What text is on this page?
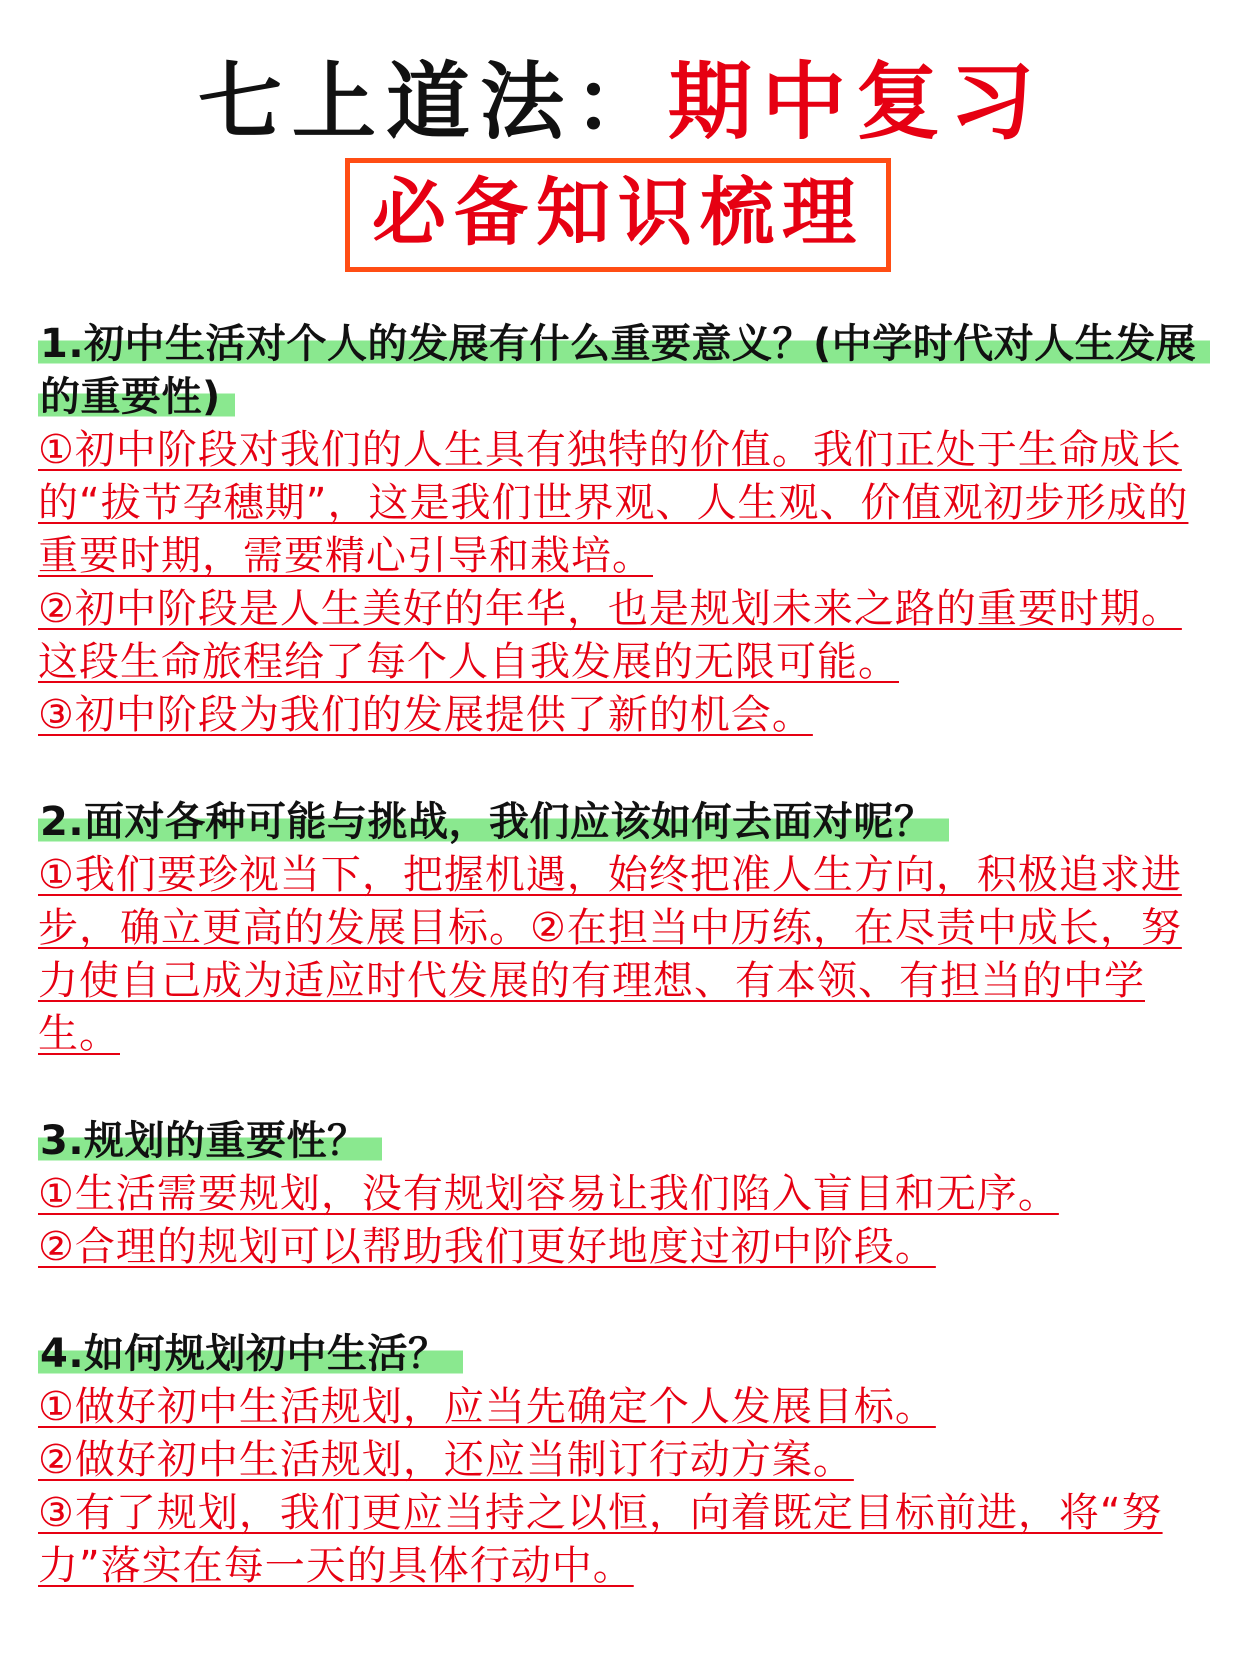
七上道法：期中复习
必备知识梳理
1.初中生活对个人的发展有什么重要意义？(中学时代对人生发展的重要性)
①初中阶段对我们的人生具有独特的价值。我们正处于生命成长的“拔节孕穗期”，这是我们世界观、人生观、价值观初步形成的重要时期，需要精心引导和栽培。
②初中阶段是人生美好的年华，也是规划未来之路的重要时期。这段生命旅程给了每个人自我发展的无限可能。
③初中阶段为我们的发展提供了新的机会。
2.面对各种可能与挑战，我们应该如何去面对呢？
①我们要珍视当下，把握机遇，始终把准人生方向，积极追求进步，确立更高的发展目标。②在担当中历练，在尽责中成长，努力使自己成为适应时代发展的有理想、有本领、有担当的中学生。
3.规划的重要性？
①生活需要规划，没有规划容易让我们陷入盲目和无序。
②合理的规划可以帮助我们更好地度过初中阶段。
4.如何规划初中生活？
①做好初中生活规划，应当先确定个人发展目标。
②做好初中生活规划，还应当制订行动方案。
③有了规划，我们更应当持之以恒，向着既定目标前进，将“努力”落实在每一天的具体行动中。
